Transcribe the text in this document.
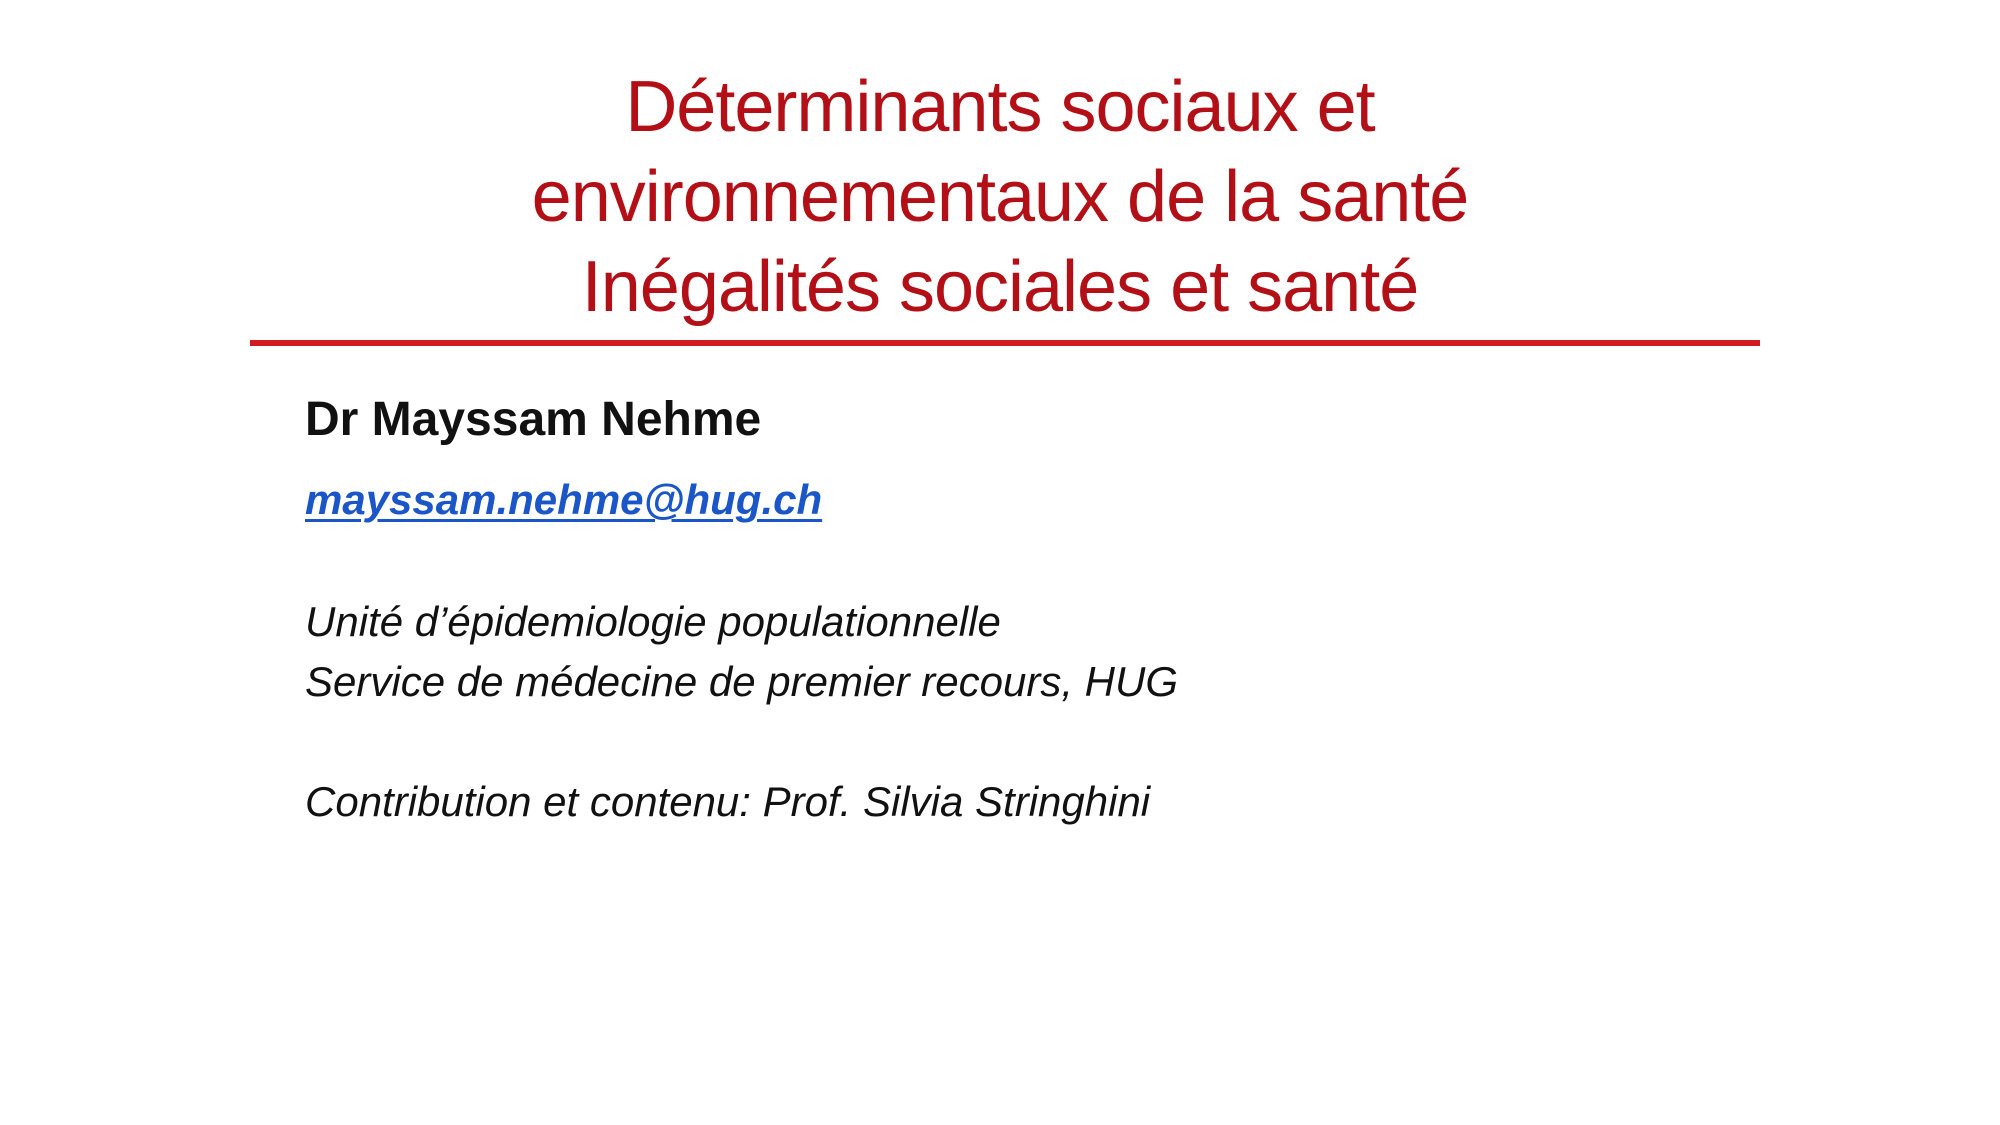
Déterminants sociaux et
environnementaux de la santé
Inégalités sociales et santé

Dr Mayssam Nehme

mayssam.nehme@hug.ch
Unité d’épidemiologie populationnelle
Service de médecine de premier recours, HUG
Contribution et contenu: Prof. Silvia Stringhini
